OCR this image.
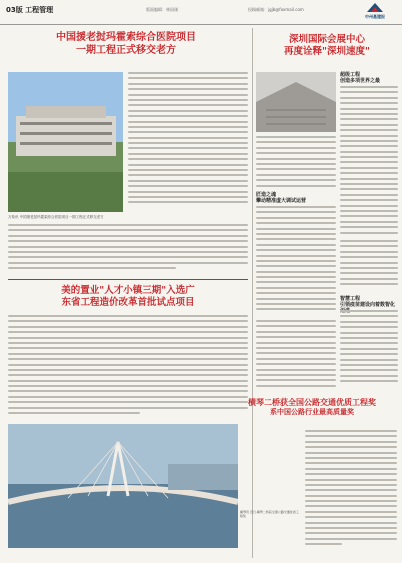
03版 工程管理	版面编辑：林国刚	投稿邮箱：jgjb@foxmail.com
中州基建报
中国援老挝玛霍索综合医院项目
一期工程正式移交老方
深圳国际会展中心
再度诠释"深圳速度"
万象讯 中国援老挝玛霍索综合医院项目一期工程正式移交老方
美的置业"人才小镇三期"入选广
东省工程造价改革首批试点项目
横琴二桥获全国公路交通优质工程奖
系中国公路行业最高质量奖
横琴讯 近日,横琴二桥获全国公路交通优质工程奖
超级工程
创造多项世界之最
匠造之魂
攀动精准虚大调试运营
智慧工程
引领疫苗建设向着数智化
